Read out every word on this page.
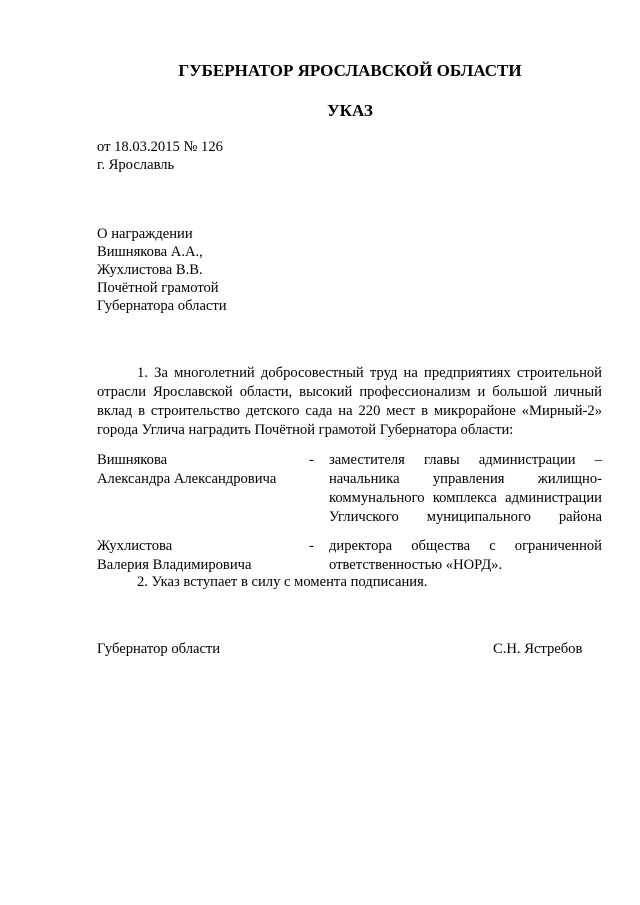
ГУБЕРНАТОР ЯРОСЛАВСКОЙ ОБЛАСТИ
УКАЗ
от 18.03.2015 № 126
г. Ярославль
О награждении
Вишнякова А.А.,
Жухлистова В.В.
Почётной грамотой
Губернатора области
1. За многолетний добросовестный труд на предприятиях строительной отрасли Ярославской области, высокий профессионализм и большой личный вклад в строительство детского сада на 220 мест в микрорайоне «Мирный-2» города Углича наградить Почётной грамотой Губернатора области:
Вишнякова
Александра Александровича
- заместителя главы администрации – начальника управления жилищно-коммунального комплекса администрации Угличского муниципального района
Жухлистова
Валерия Владимировича
- директора общества с ограниченной ответственностью «НОРД».
2. Указ вступает в силу с момента подписания.
Губернатор области	С.Н. Ястребов
